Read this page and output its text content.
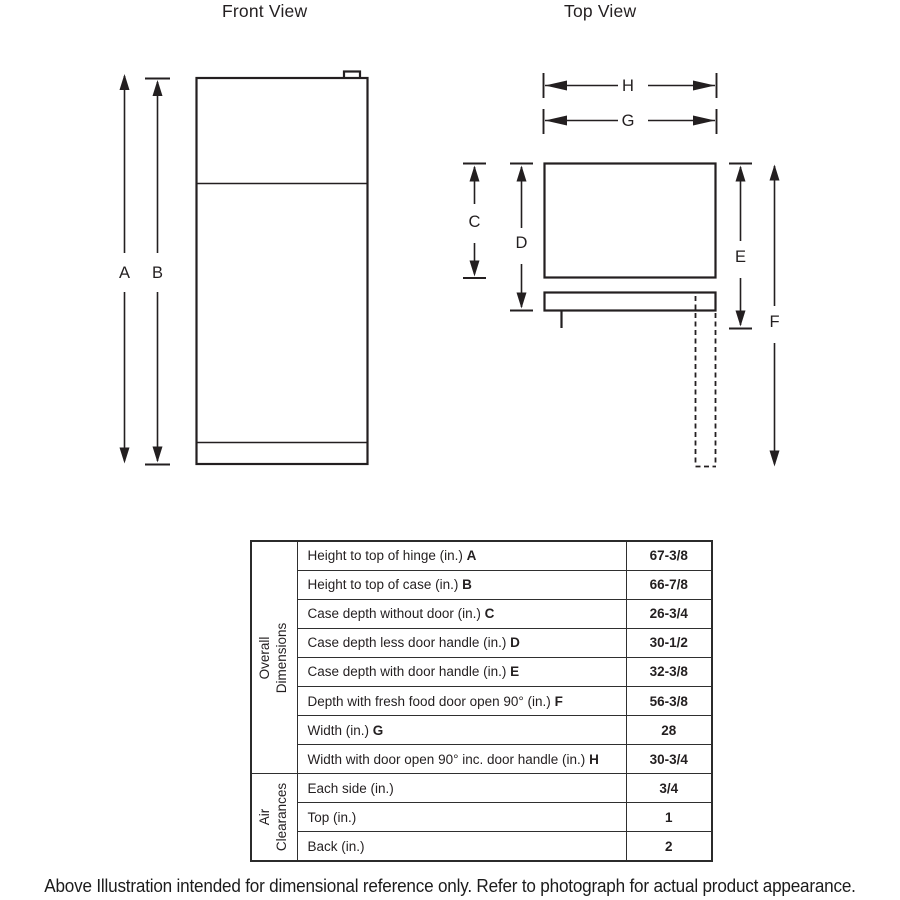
Front View	Top View
A B
H
G
C
D
E
F
Overall Dimensions	Height to top of hinge (in.) A	67-3/8
	Height to top of case (in.) B	66-7/8
	Case depth without door (in.) C	26-3/4
	Case depth less door handle (in.) D	30-1/2
	Case depth with door handle (in.) E	32-3/8
	Depth with fresh food door open 90° (in.) F	56-3/8
	Width (in.) G	28
	Width with door open 90° inc. door handle (in.) H	30-3/4

Air Clearances	Each side (in.)	3/4
	Top (in.)	1
	Back (in.)	2
Above Illustration intended for dimensional reference only. Refer to photograph for actual product appearance.
